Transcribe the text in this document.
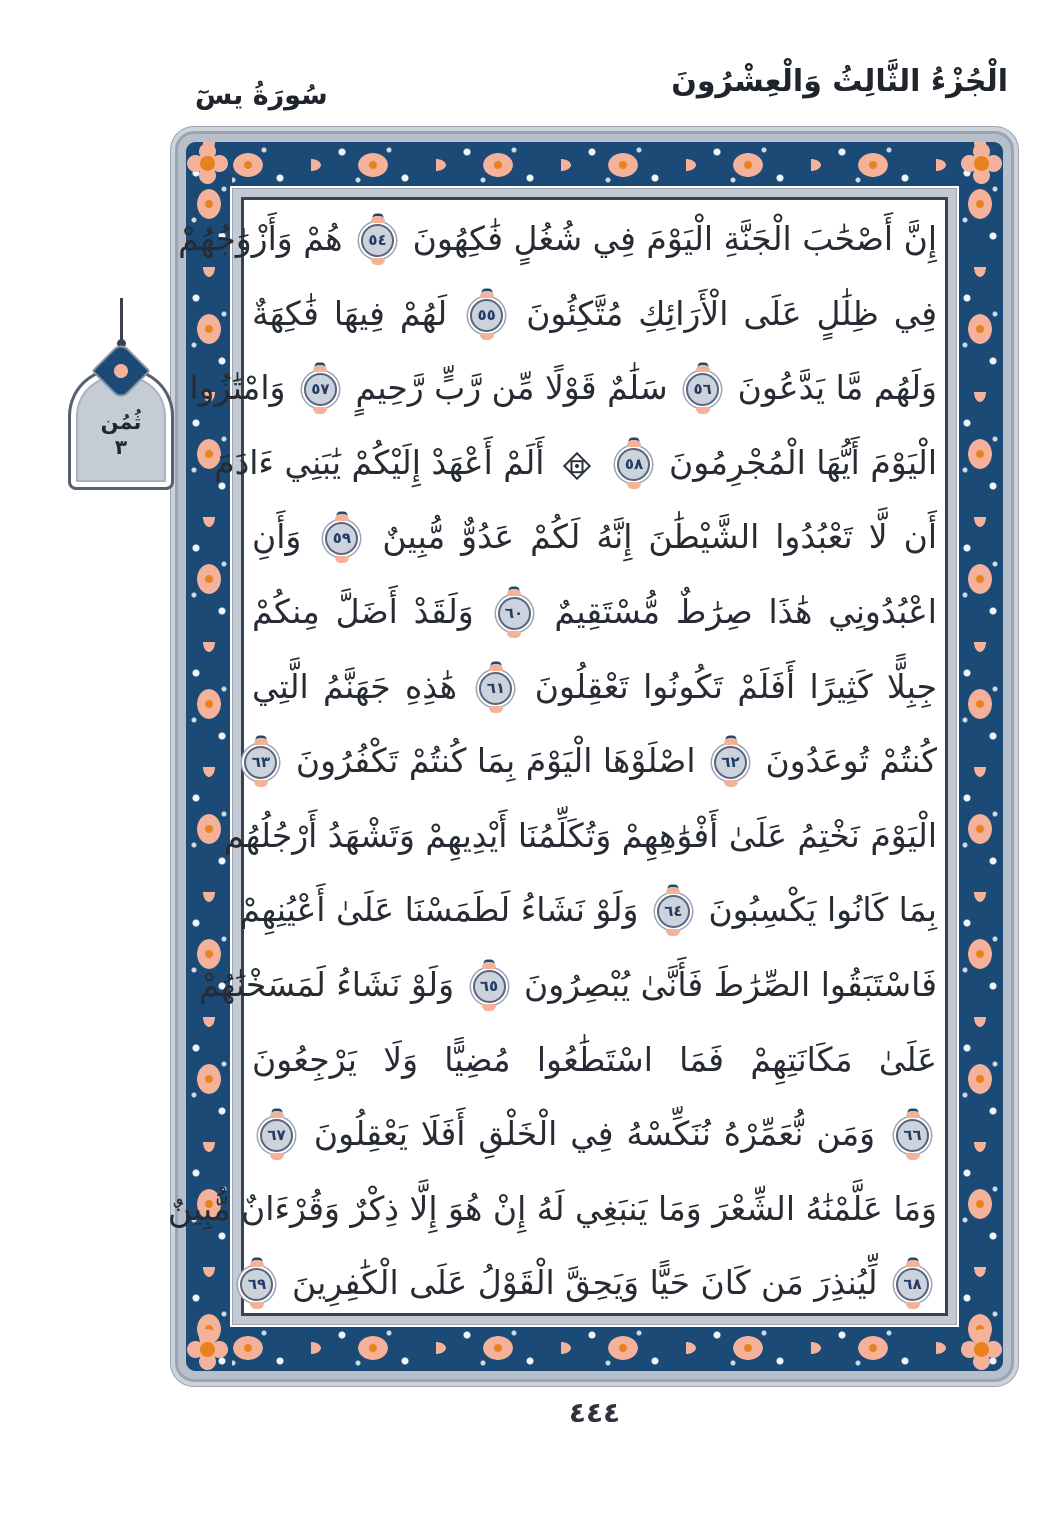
الْجُزْءُ الثَّالِثُ وَالْعِشْرُونَ
سُورَةُ يسٓ
ثُمُن
٣
إِنَّ أَصْحَٰبَ الْجَنَّةِ الْيَوْمَ فِي شُغُلٍ فَٰكِهُونَ ٥٤ هُمْ وَأَزْوَٰجُهُمْ
فِي ظِلَٰلٍ عَلَى الْأَرَائِكِ مُتَّكِئُونَ ٥٥ لَهُمْ فِيهَا فَٰكِهَةٌ
وَلَهُم مَّا يَدَّعُونَ ٥٦ سَلَٰمٌ قَوْلًا مِّن رَّبٍّ رَّحِيمٍ ٥٧ وَامْتَٰزُوا
الْيَوْمَ أَيُّهَا الْمُجْرِمُونَ ٥٨  أَلَمْ أَعْهَدْ إِلَيْكُمْ يَٰبَنِي ءَادَمَ
أَن لَّا تَعْبُدُوا الشَّيْطَٰنَ إِنَّهُ لَكُمْ عَدُوٌّ مُّبِينٌ ٥٩ وَأَنِ
اعْبُدُونِي هَٰذَا صِرَٰطٌ مُّسْتَقِيمٌ ٦٠ وَلَقَدْ أَضَلَّ مِنكُمْ
جِبِلًّا كَثِيرًا أَفَلَمْ تَكُونُوا تَعْقِلُونَ ٦١ هَٰذِهِ جَهَنَّمُ الَّتِي
كُنتُمْ تُوعَدُونَ ٦٢ اصْلَوْهَا الْيَوْمَ بِمَا كُنتُمْ تَكْفُرُونَ ٦٣
الْيَوْمَ نَخْتِمُ عَلَىٰ أَفْوَٰهِهِمْ وَتُكَلِّمُنَا أَيْدِيهِمْ وَتَشْهَدُ أَرْجُلُهُم
بِمَا كَانُوا يَكْسِبُونَ ٦٤ وَلَوْ نَشَاءُ لَطَمَسْنَا عَلَىٰ أَعْيُنِهِمْ
فَاسْتَبَقُوا الصِّرَٰطَ فَأَنَّىٰ يُبْصِرُونَ ٦٥ وَلَوْ نَشَاءُ لَمَسَخْنَٰهُمْ
عَلَىٰ مَكَانَتِهِمْ فَمَا اسْتَطَٰعُوا مُضِيًّا وَلَا يَرْجِعُونَ
٦٦ وَمَن نُّعَمِّرْهُ نُنَكِّسْهُ فِي الْخَلْقِ أَفَلَا يَعْقِلُونَ ٦٧
وَمَا عَلَّمْنَٰهُ الشِّعْرَ وَمَا يَنبَغِي لَهُ إِنْ هُوَ إِلَّا ذِكْرٌ وَقُرْءَانٌ مُّبِينٌ
٦٨ لِّيُنذِرَ مَن كَانَ حَيًّا وَيَحِقَّ الْقَوْلُ عَلَى الْكَٰفِرِينَ ٦٩
٤٤٤
